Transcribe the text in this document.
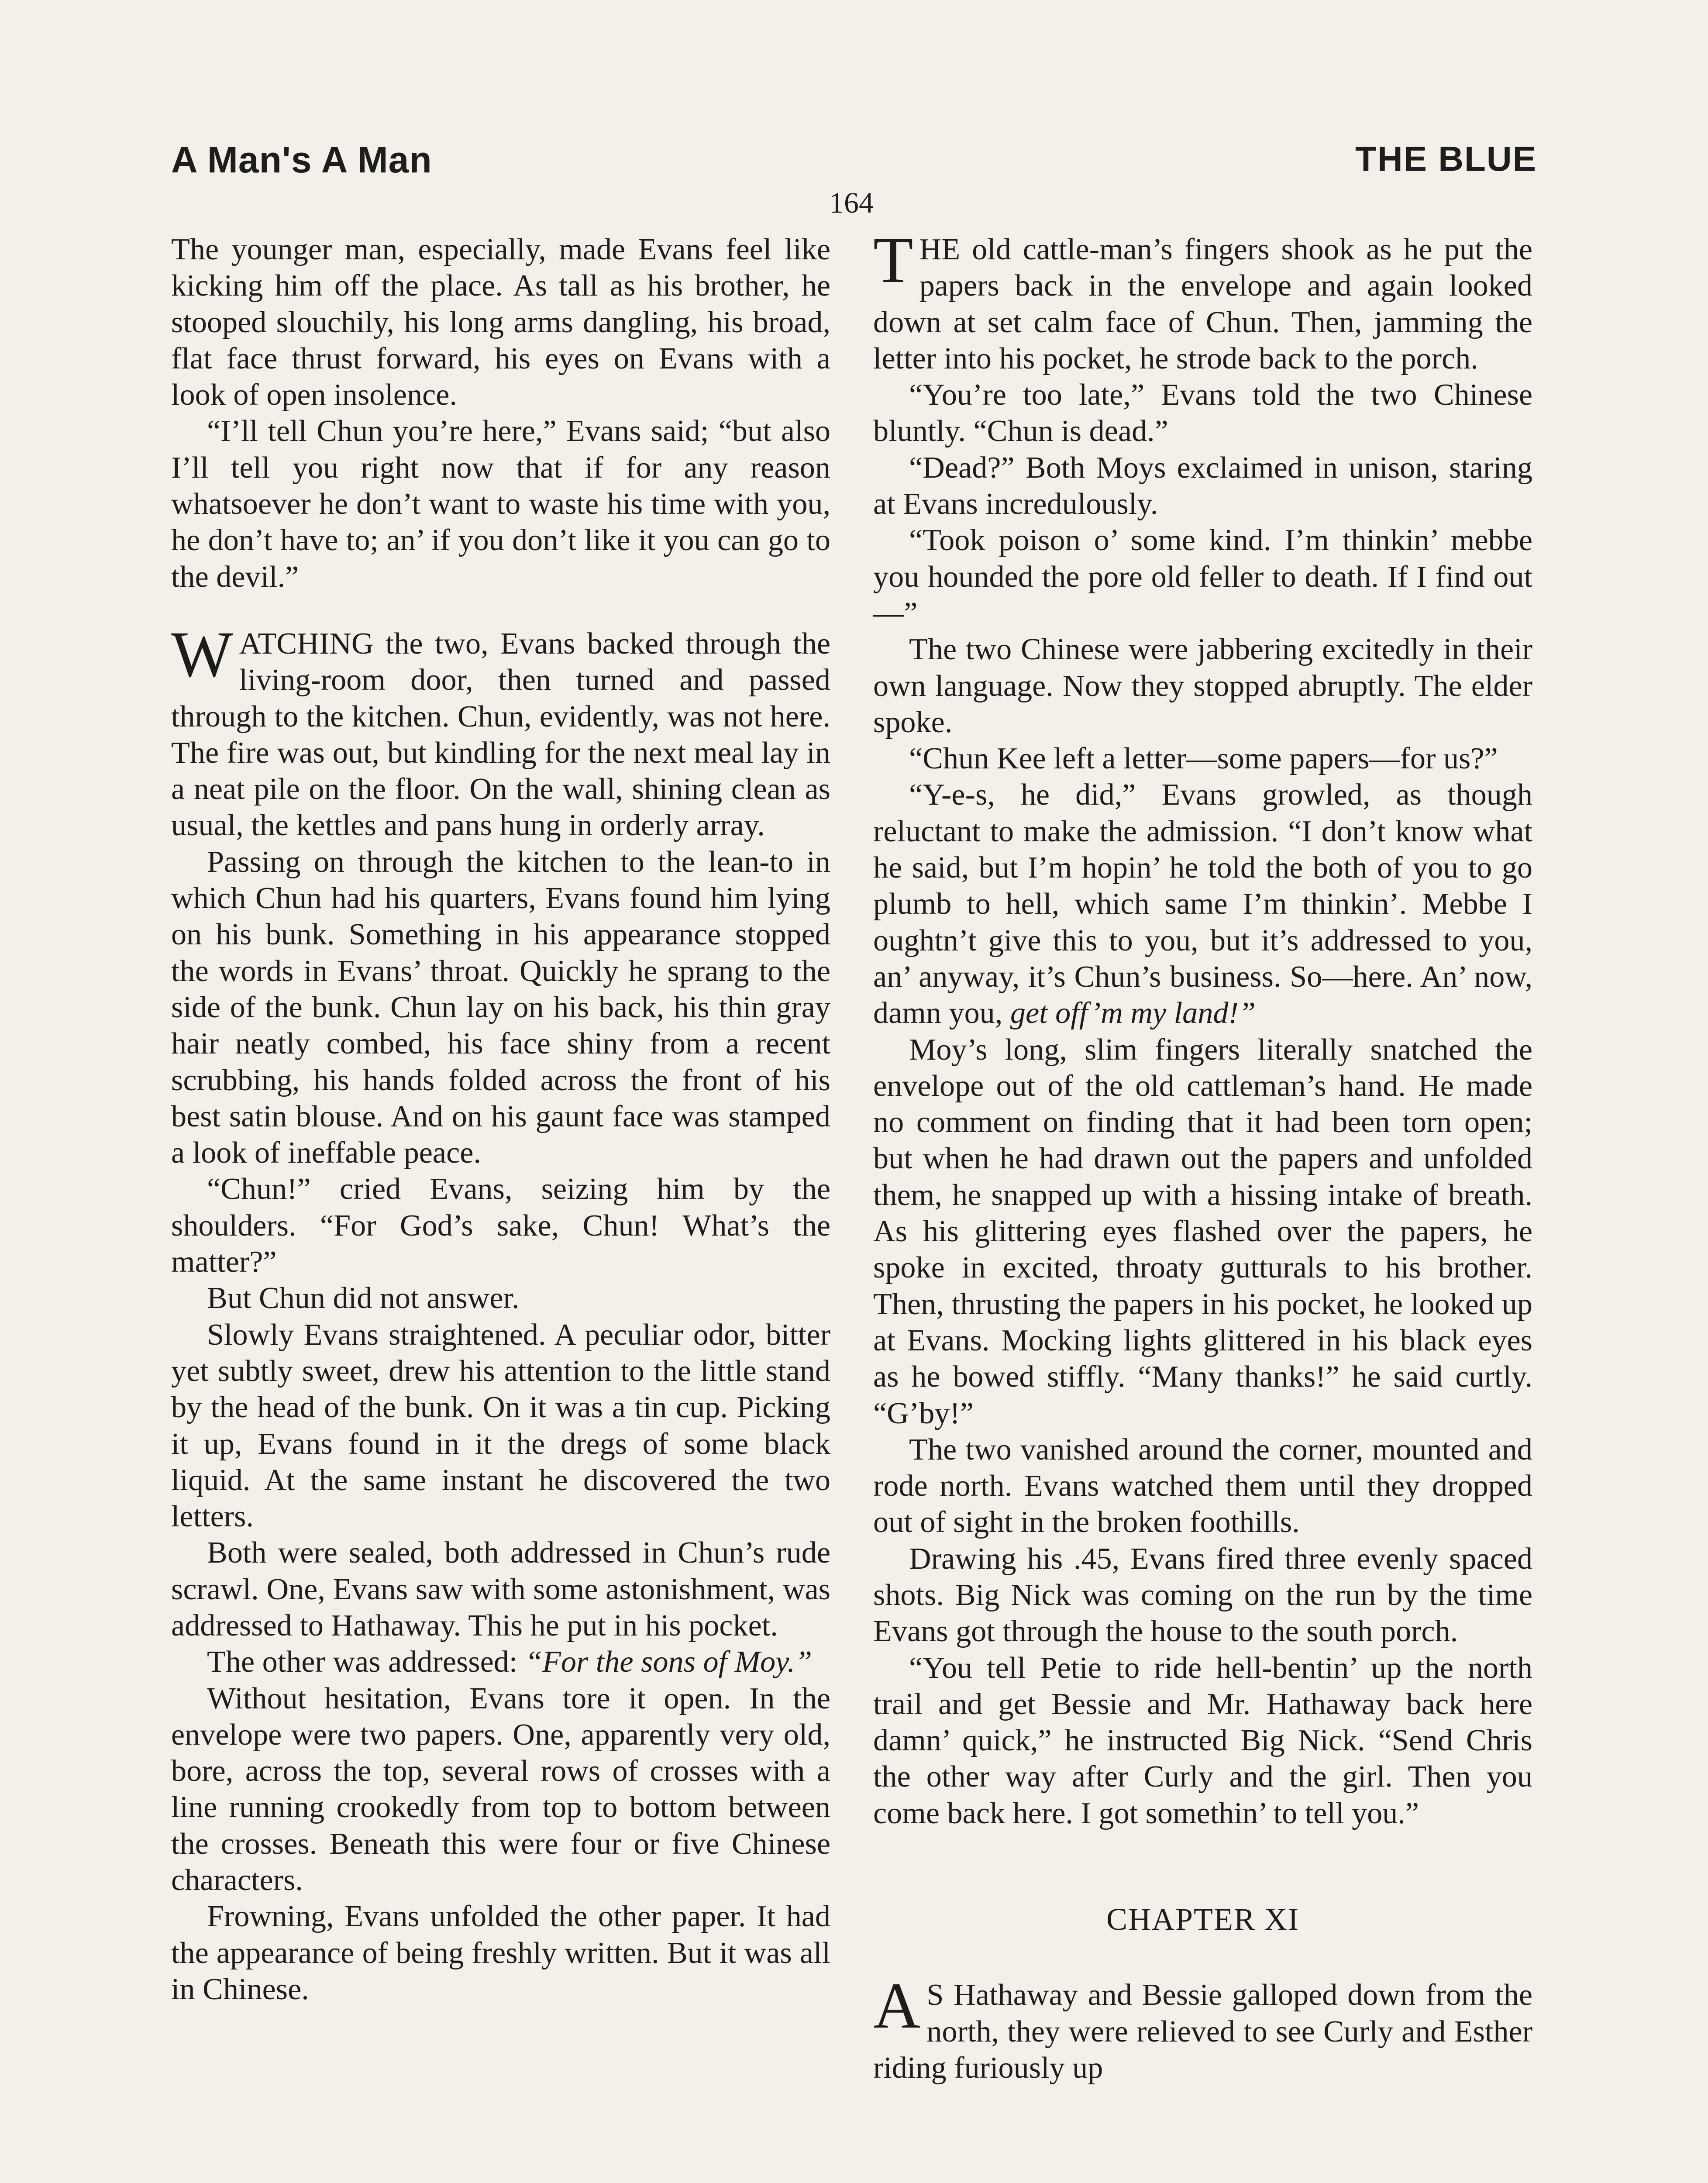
A Man's A Man	THE BLUE
164

The younger man, especially, made Evans feel like kicking him off the place. As tall as his brother, he stooped slouchily, his long arms dangling, his broad, flat face thrust forward, his eyes on Evans with a look of open insolence.

“I’ll tell Chun you’re here,” Evans said; “but also I’ll tell you right now that if for any reason whatsoever he don’t want to waste his time with you, he don’t have to; an’ if you don’t like it you can go to the devil.”

WATCHING the two, Evans backed through the living-room door, then turned and passed through to the kitchen. Chun, evidently, was not here. The fire was out, but kindling for the next meal lay in a neat pile on the floor. On the wall, shining clean as usual, the kettles and pans hung in orderly array.

Passing on through the kitchen to the lean-to in which Chun had his quarters, Evans found him lying on his bunk. Something in his appearance stopped the words in Evans’ throat. Quickly he sprang to the side of the bunk. Chun lay on his back, his thin gray hair neatly combed, his face shiny from a recent scrubbing, his hands folded across the front of his best satin blouse. And on his gaunt face was stamped a look of ineffable peace.

“Chun!” cried Evans, seizing him by the shoulders. “For God’s sake, Chun! What’s the matter?”

But Chun did not answer.

Slowly Evans straightened. A peculiar odor, bitter yet subtly sweet, drew his attention to the little stand by the head of the bunk. On it was a tin cup. Picking it up, Evans found in it the dregs of some black liquid. At the same instant he discovered the two letters.

Both were sealed, both addressed in Chun’s rude scrawl. One, Evans saw with some astonishment, was addressed to Hathaway. This he put in his pocket.

The other was addressed: “For the sons of Moy.”

Without hesitation, Evans tore it open. In the envelope were two papers. One, apparently very old, bore, across the top, several rows of crosses with a line running crookedly from top to bottom between the crosses. Beneath this were four or five Chinese characters.

Frowning, Evans unfolded the other paper. It had the appearance of being freshly written. But it was all in Chinese.

THE old cattle-man’s fingers shook as he put the papers back in the envelope and again looked down at set calm face of Chun. Then, jamming the letter into his pocket, he strode back to the porch.

“You’re too late,” Evans told the two Chinese bluntly. “Chun is dead.”

“Dead?” Both Moys exclaimed in unison, staring at Evans incredulously.

“Took poison o’ some kind. I’m thinkin’ mebbe you hounded the pore old feller to death. If I find out—”

The two Chinese were jabbering excitedly in their own language. Now they stopped abruptly. The elder spoke.

“Chun Kee left a letter—some papers—for us?”

“Y-e-s, he did,” Evans growled, as though reluctant to make the admission. “I don’t know what he said, but I’m hopin’ he told the both of you to go plumb to hell, which same I’m thinkin’. Mebbe I oughtn’t give this to you, but it’s addressed to you, an’ anyway, it’s Chun’s business. So—here. An’ now, damn you, get off’m my land!”

Moy’s long, slim fingers literally snatched the envelope out of the old cattleman’s hand. He made no comment on finding that it had been torn open; but when he had drawn out the papers and unfolded them, he snapped up with a hissing intake of breath. As his glittering eyes flashed over the papers, he spoke in excited, throaty gutturals to his brother. Then, thrusting the papers in his pocket, he looked up at Evans. Mocking lights glittered in his black eyes as he bowed stiffly. “Many thanks!” he said curtly. “G’by!”

The two vanished around the corner, mounted and rode north. Evans watched them until they dropped out of sight in the broken foothills.

Drawing his .45, Evans fired three evenly spaced shots. Big Nick was coming on the run by the time Evans got through the house to the south porch.

“You tell Petie to ride hell-bentin’ up the north trail and get Bessie and Mr. Hathaway back here damn’ quick,” he instructed Big Nick. “Send Chris the other way after Curly and the girl. Then you come back here. I got somethin’ to tell you.”

CHAPTER XI

A S Hathaway and Bessie galloped down from the north, they were relieved to see Curly and Esther riding furiously up
